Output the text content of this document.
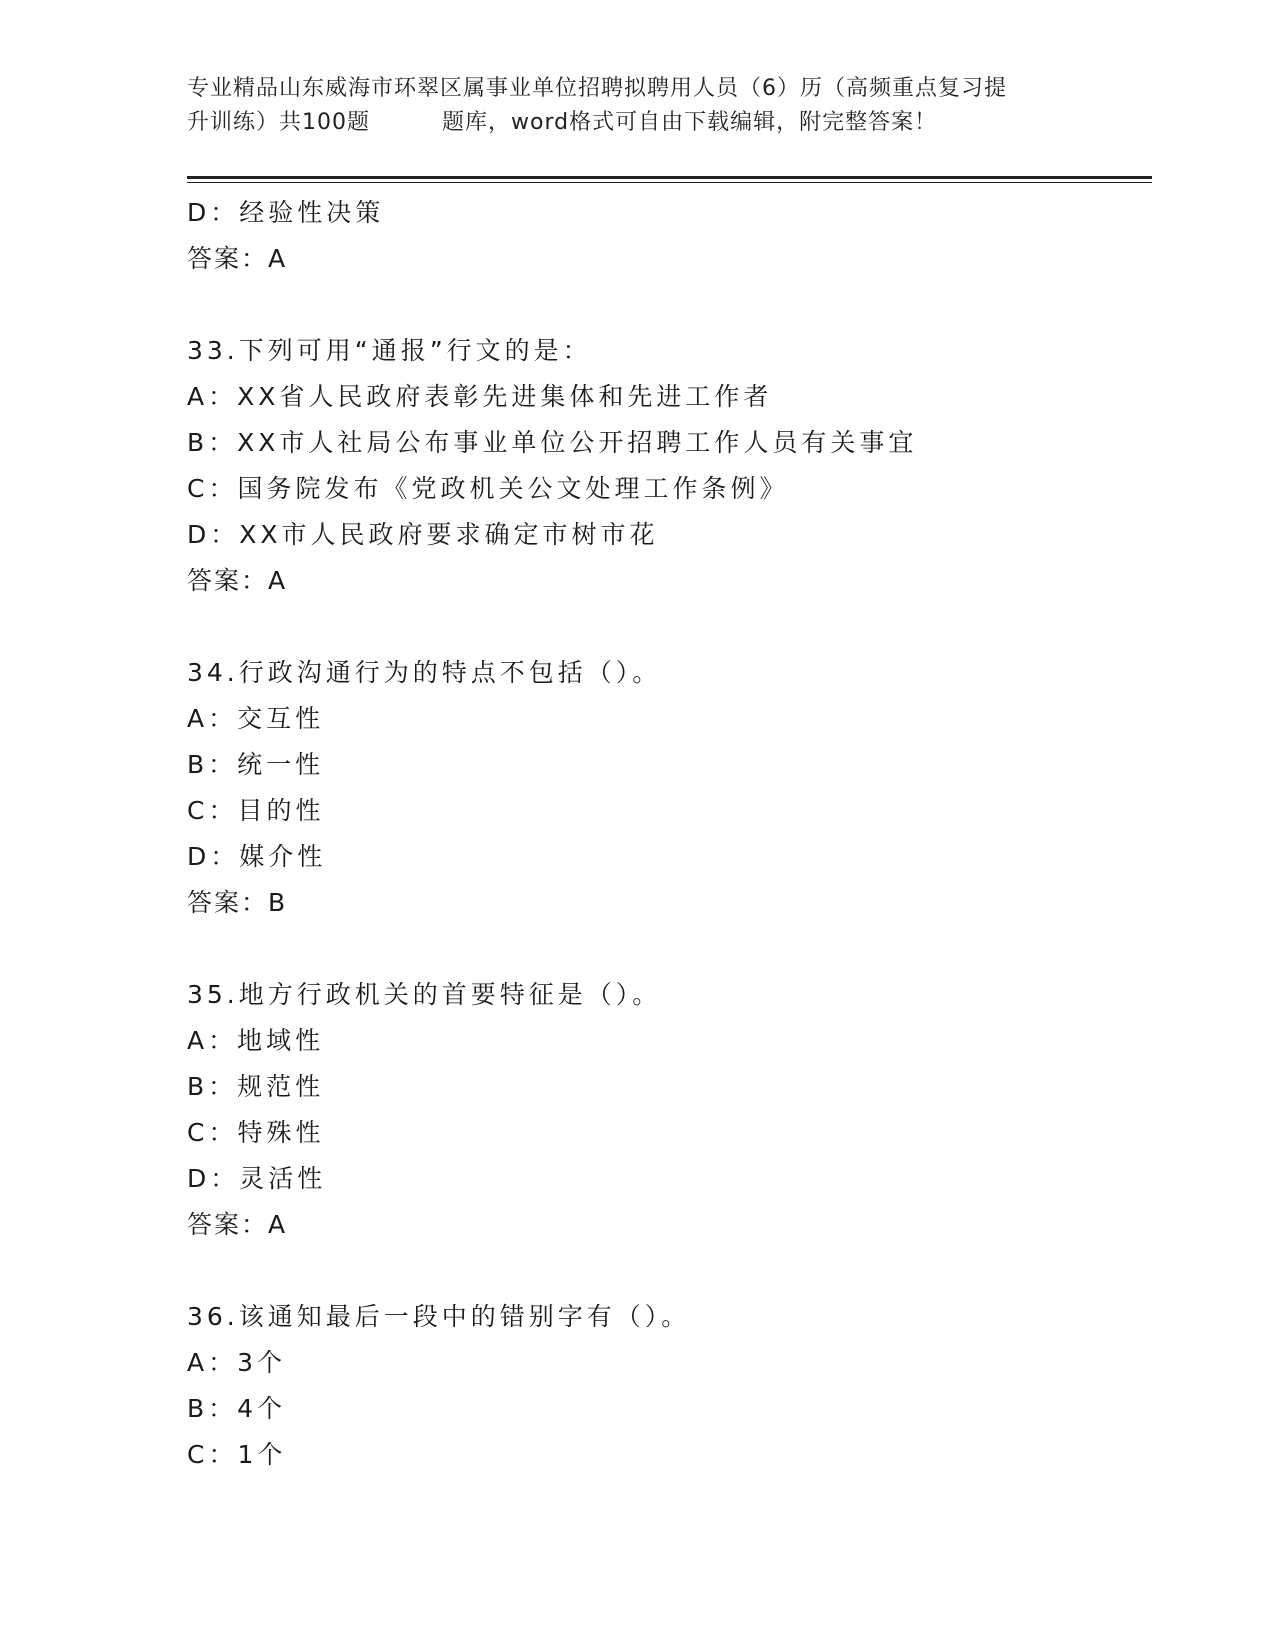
专业精品山东威海市环翠区属事业单位招聘拟聘用人员（6）历（高频重点复习提
升训练）共100题	题库，word格式可自由下载编辑，附完整答案！
D：经验性决策
答案：A
33.下列可用“通报”行文的是：
A：XX省人民政府表彰先进集体和先进工作者
B：XX市人社局公布事业单位公开招聘工作人员有关事宜
C：国务院发布《党政机关公文处理工作条例》
D：XX市人民政府要求确定市树市花
答案：A
34.行政沟通行为的特点不包括（）。
A：交互性
B：统一性
C：目的性
D：媒介性
答案：B
35.地方行政机关的首要特征是（）。
A：地域性
B：规范性
C：特殊性
D：灵活性
答案：A
36.该通知最后一段中的错别字有（）。
A：3个
B：4个
C：1个
